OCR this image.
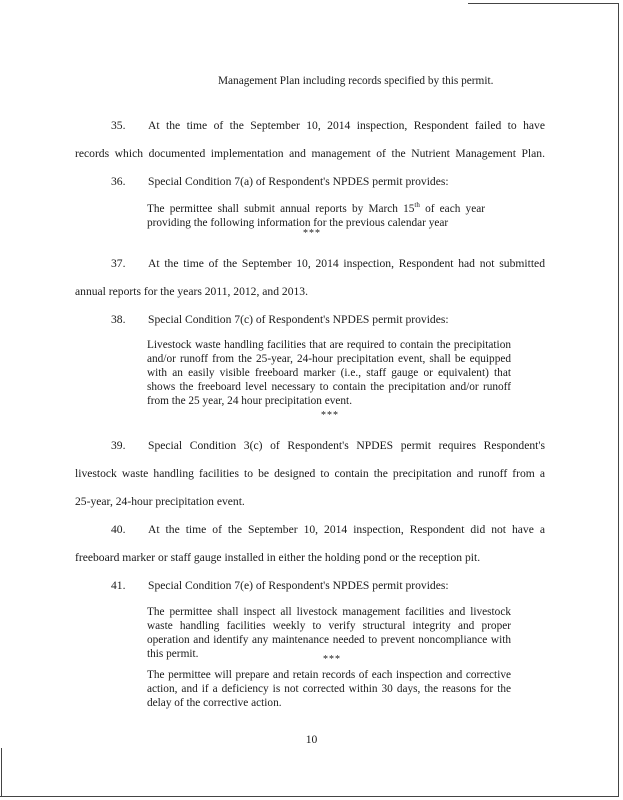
Management Plan including records specified by this permit.
35. At the time of the September 10, 2014 inspection, Respondent failed to have
records which documented implementation and management of the Nutrient Management Plan.
36. Special Condition 7(a) of Respondent's NPDES permit provides:
The permittee shall submit annual reports by March 15th of each year providing the following information for the previous calendar year
***
37. At the time of the September 10, 2014 inspection, Respondent had not submitted
annual reports for the years 2011, 2012, and 2013.
38. Special Condition 7(c) of Respondent's NPDES permit provides:
Livestock waste handling facilities that are required to contain the precipitation and/or runoff from the 25-year, 24-hour precipitation event, shall be equipped with an easily visible freeboard marker (i.e., staff gauge or equivalent) that shows the freeboard level necessary to contain the precipitation and/or runoff from the 25 year, 24 hour precipitation event.
***
39. Special Condition 3(c) of Respondent's NPDES permit requires Respondent's
livestock waste handling facilities to be designed to contain the precipitation and runoff from a
25-year, 24-hour precipitation event.
40. At the time of the September 10, 2014 inspection, Respondent did not have a
freeboard marker or staff gauge installed in either the holding pond or the reception pit.
41. Special Condition 7(e) of Respondent's NPDES permit provides:
The permittee shall inspect all livestock management facilities and livestock waste handling facilities weekly to verify structural integrity and proper operation and identify any maintenance needed to prevent noncompliance with this permit.	***
The permittee will prepare and retain records of each inspection and corrective action, and if a deficiency is not corrected within 30 days, the reasons for the delay of the corrective action.
10
